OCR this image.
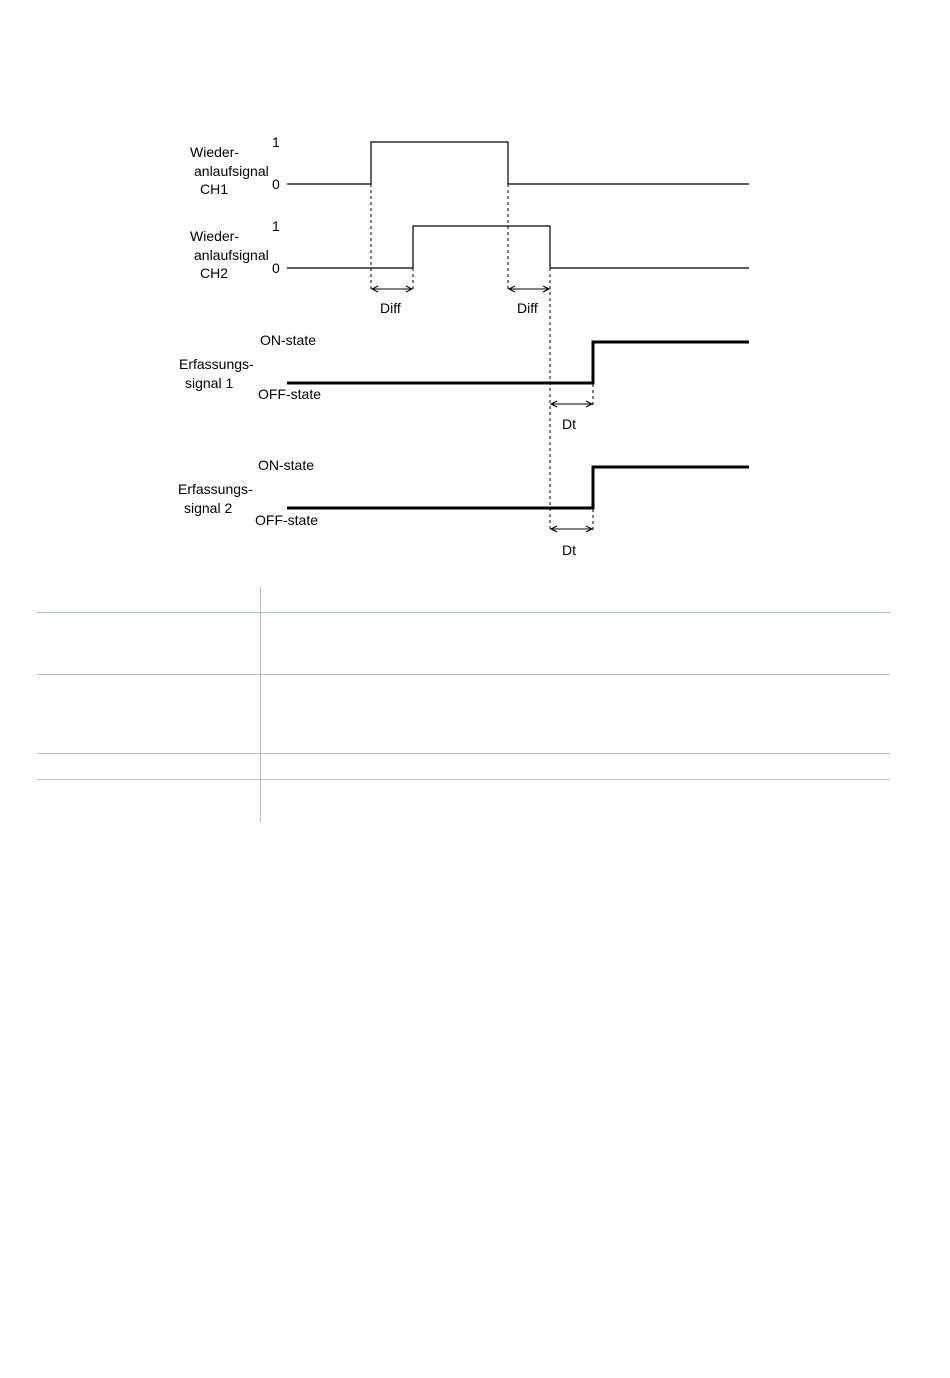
Wieder-
anlaufsignal
CH1
1
0
Wieder-
anlaufsignal
CH2
1
0
Diff	Diff
ON-state
Erfassungs-
signal 1
OFF-state
Dt
ON-state
Erfassungs-
signal 2
OFF-state
Dt
